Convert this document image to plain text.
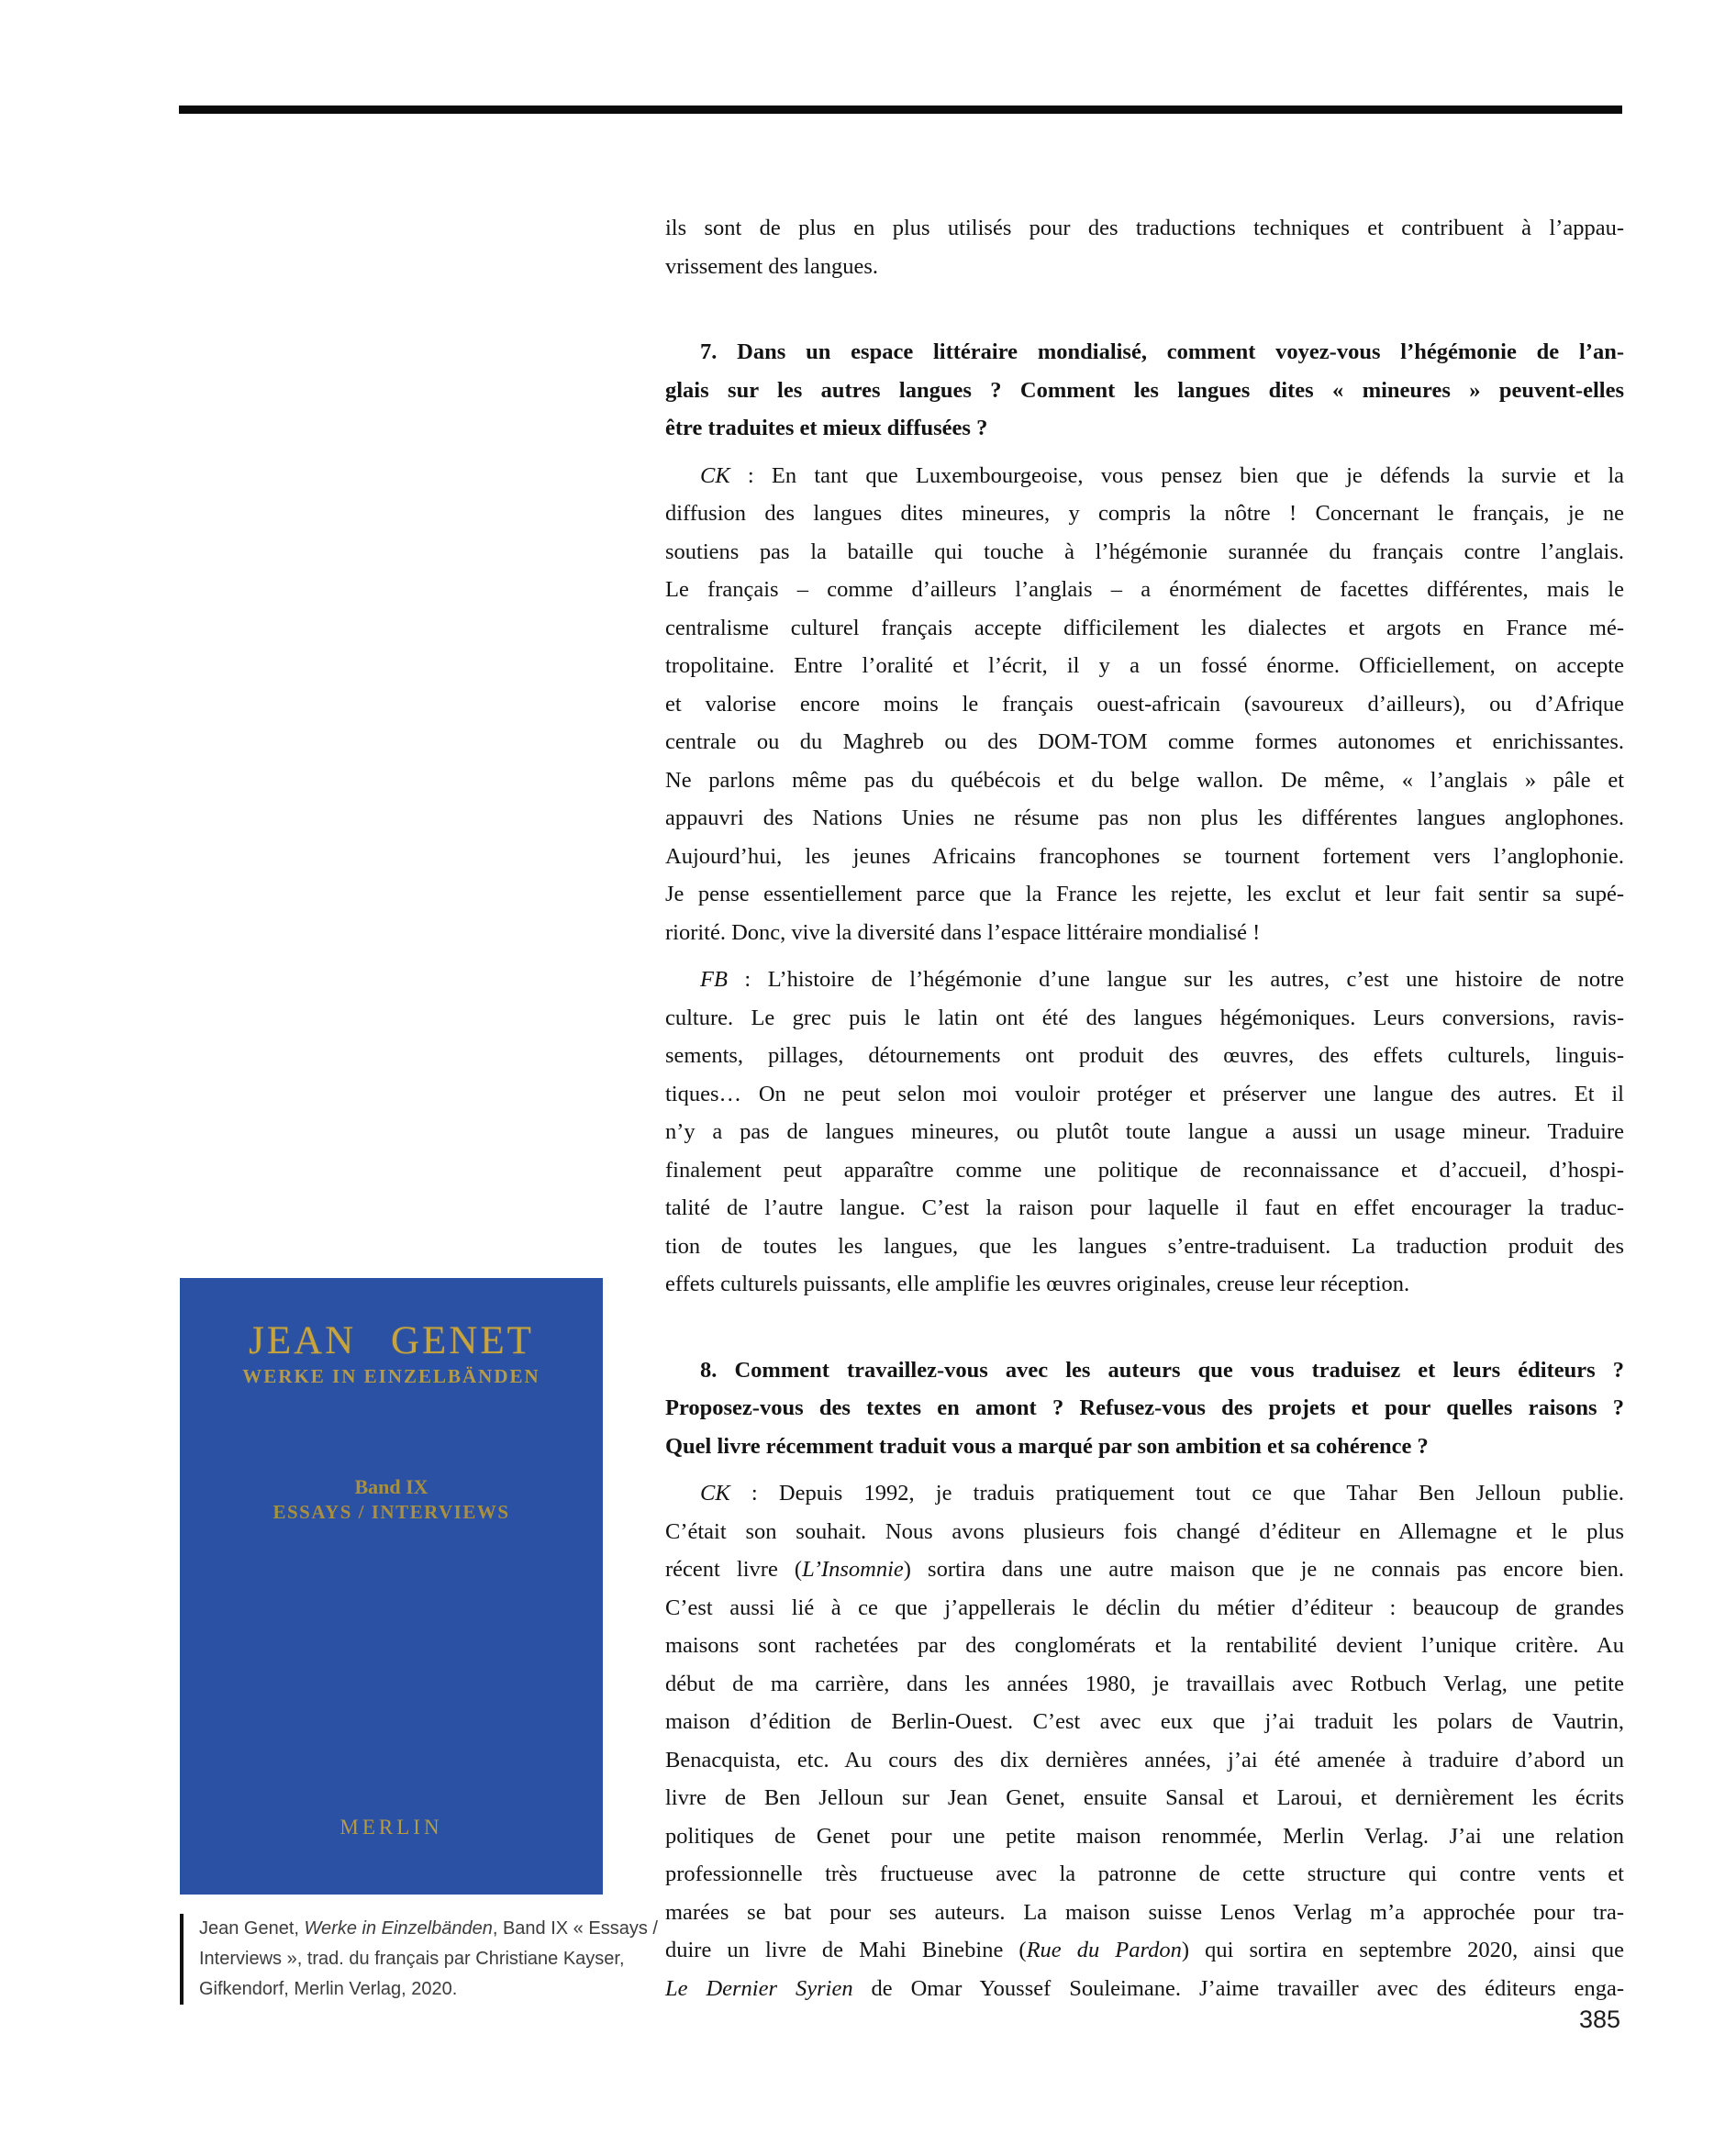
ils sont de plus en plus utilisés pour des traductions techniques et contribuent à l’appau-
vrissement des langues.
7. Dans un espace littéraire mondialisé, comment voyez-vous l’hégémonie de l’an-
glais sur les autres langues ? Comment les langues dites « mineures » peuvent-elles
être traduites et mieux diffusées ?
CK : En tant que Luxembourgeoise, vous pensez bien que je défends la survie et la
diffusion des langues dites mineures, y compris la nôtre ! Concernant le français, je ne
soutiens pas la bataille qui touche à l’hégémonie surannée du français contre l’anglais.
Le français – comme d’ailleurs l’anglais – a énormément de facettes différentes, mais le
centralisme culturel français accepte difficilement les dialectes et argots en France mé-
tropolitaine. Entre l’oralité et l’écrit, il y a un fossé énorme. Officiellement, on accepte
et valorise encore moins le français ouest-africain (savoureux d’ailleurs), ou d’Afrique
centrale ou du Maghreb ou des DOM-TOM comme formes autonomes et enrichissantes.
Ne parlons même pas du québécois et du belge wallon. De même, « l’anglais » pâle et
appauvri des Nations Unies ne résume pas non plus les différentes langues anglophones.
Aujourd’hui, les jeunes Africains francophones se tournent fortement vers l’anglophonie.
Je pense essentiellement parce que la France les rejette, les exclut et leur fait sentir sa supé-
riorité. Donc, vive la diversité dans l’espace littéraire mondialisé !
FB : L’histoire de l’hégémonie d’une langue sur les autres, c’est une histoire de notre
culture. Le grec puis le latin ont été des langues hégémoniques. Leurs conversions, ravis-
sements, pillages, détournements ont produit des œuvres, des effets culturels, linguis-
tiques… On ne peut selon moi vouloir protéger et préserver une langue des autres. Et il
n’y a pas de langues mineures, ou plutôt toute langue a aussi un usage mineur. Traduire
finalement peut apparaître comme une politique de reconnaissance et d’accueil, d’hospi-
talité de l’autre langue. C’est la raison pour laquelle il faut en effet encourager la traduc-
tion de toutes les langues, que les langues s’entre-traduisent. La traduction produit des
effets culturels puissants, elle amplifie les œuvres originales, creuse leur réception.
8. Comment travaillez-vous avec les auteurs que vous traduisez et leurs éditeurs ?
Proposez-vous des textes en amont ? Refusez-vous des projets et pour quelles raisons ?
Quel livre récemment traduit vous a marqué par son ambition et sa cohérence ?
CK : Depuis 1992, je traduis pratiquement tout ce que Tahar Ben Jelloun publie.
C’était son souhait. Nous avons plusieurs fois changé d’éditeur en Allemagne et le plus
récent livre (L’Insomnie) sortira dans une autre maison que je ne connais pas encore bien.
C’est aussi lié à ce que j’appellerais le déclin du métier d’éditeur : beaucoup de grandes
maisons sont rachetées par des conglomérats et la rentabilité devient l’unique critère. Au
début de ma carrière, dans les années 1980, je travaillais avec Rotbuch Verlag, une petite
maison d’édition de Berlin-Ouest. C’est avec eux que j’ai traduit les polars de Vautrin,
Benacquista, etc. Au cours des dix dernières années, j’ai été amenée à traduire d’abord un
livre de Ben Jelloun sur Jean Genet, ensuite Sansal et Laroui, et dernièrement les écrits
politiques de Genet pour une petite maison renommée, Merlin Verlag. J’ai une relation
professionnelle très fructueuse avec la patronne de cette structure qui contre vents et
marées se bat pour ses auteurs. La maison suisse Lenos Verlag m’a approchée pour tra-
duire un livre de Mahi Binebine (Rue du Pardon) qui sortira en septembre 2020, ainsi que
Le Dernier Syrien de Omar Youssef Souleimane. J’aime travailler avec des éditeurs enga-
JEAN GENET
WERKE IN EINZELBÄNDEN
Band IX
ESSAYS / INTERVIEWS
MERLIN
Jean Genet, Werke in Einzelbänden, Band IX « Essays /
Interviews », trad. du français par Christiane Kayser,
Gifkendorf, Merlin Verlag, 2020.
385
